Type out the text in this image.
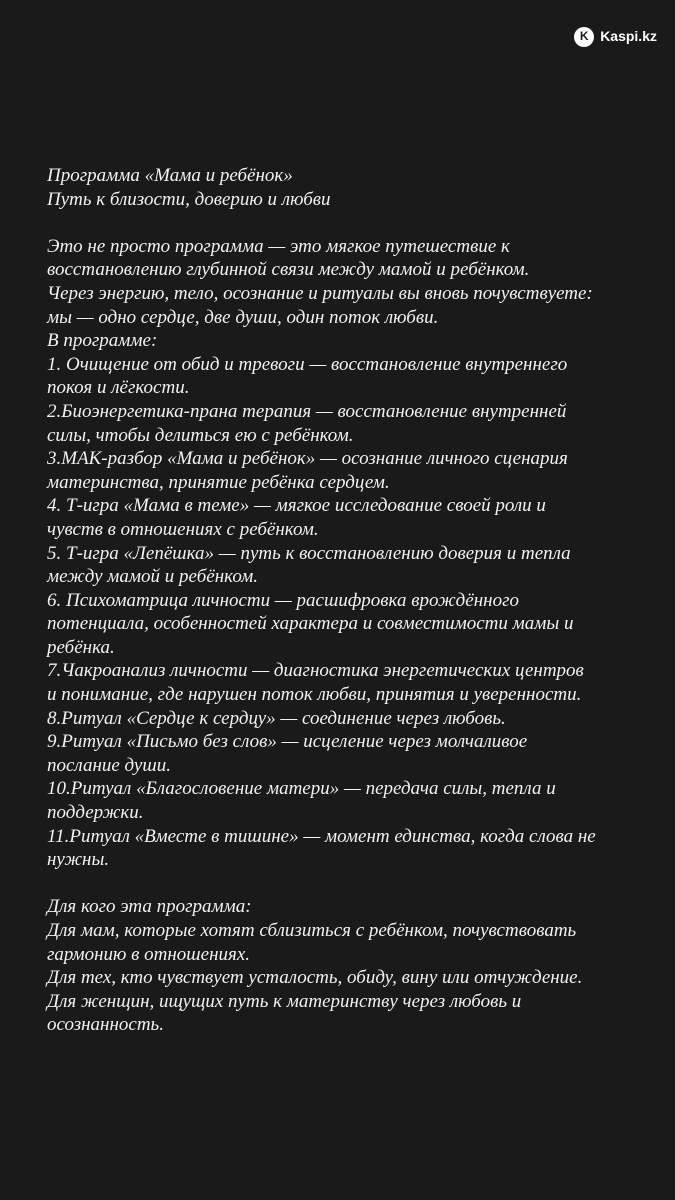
K Kaspi.kz
Программа «Мама и ребёнок»
Путь к близости, доверию и любви
Это не просто программа — это мягкое путешествие к
восстановлению глубинной связи между мамой и ребёнком.
Через энергию, тело, осознание и ритуалы вы вновь почувствуете:
мы — одно сердце, две души, один поток любви.
В программе:
1. Очищение от обид и тревоги — восстановление внутреннего
покоя и лёгкости.
2.Биоэнергетика-прана терапия — восстановление внутренней
силы, чтобы делиться ею с ребёнком.
3.МАК-разбор «Мама и ребёнок» — осознание личного сценария
материнства, принятие ребёнка сердцем.
4. Т-игра «Мама в теме» — мягкое исследование своей роли и
чувств в отношениях с ребёнком.
5. Т-игра «Лепёшка» — путь к восстановлению доверия и тепла
между мамой и ребёнком.
6. Психоматрица личности — расшифровка врождённого
потенциала, особенностей характера и совместимости мамы и
ребёнка.
7.Чакроанализ личности — диагностика энергетических центров
и понимание, где нарушен поток любви, принятия и уверенности.
8.Ритуал «Сердце к сердцу» — соединение через любовь.
9.Ритуал «Письмо без слов» — исцеление через молчаливое
послание души.
10.Ритуал «Благословение матери» — передача силы, тепла и
поддержки.
11.Ритуал «Вместе в тишине» — момент единства, когда слова не
нужны.
Для кого эта программа:
Для мам, которые хотят сблизиться с ребёнком, почувствовать
гармонию в отношениях.
Для тех, кто чувствует усталость, обиду, вину или отчуждение.
Для женщин, ищущих путь к материнству через любовь и
осознанность.
